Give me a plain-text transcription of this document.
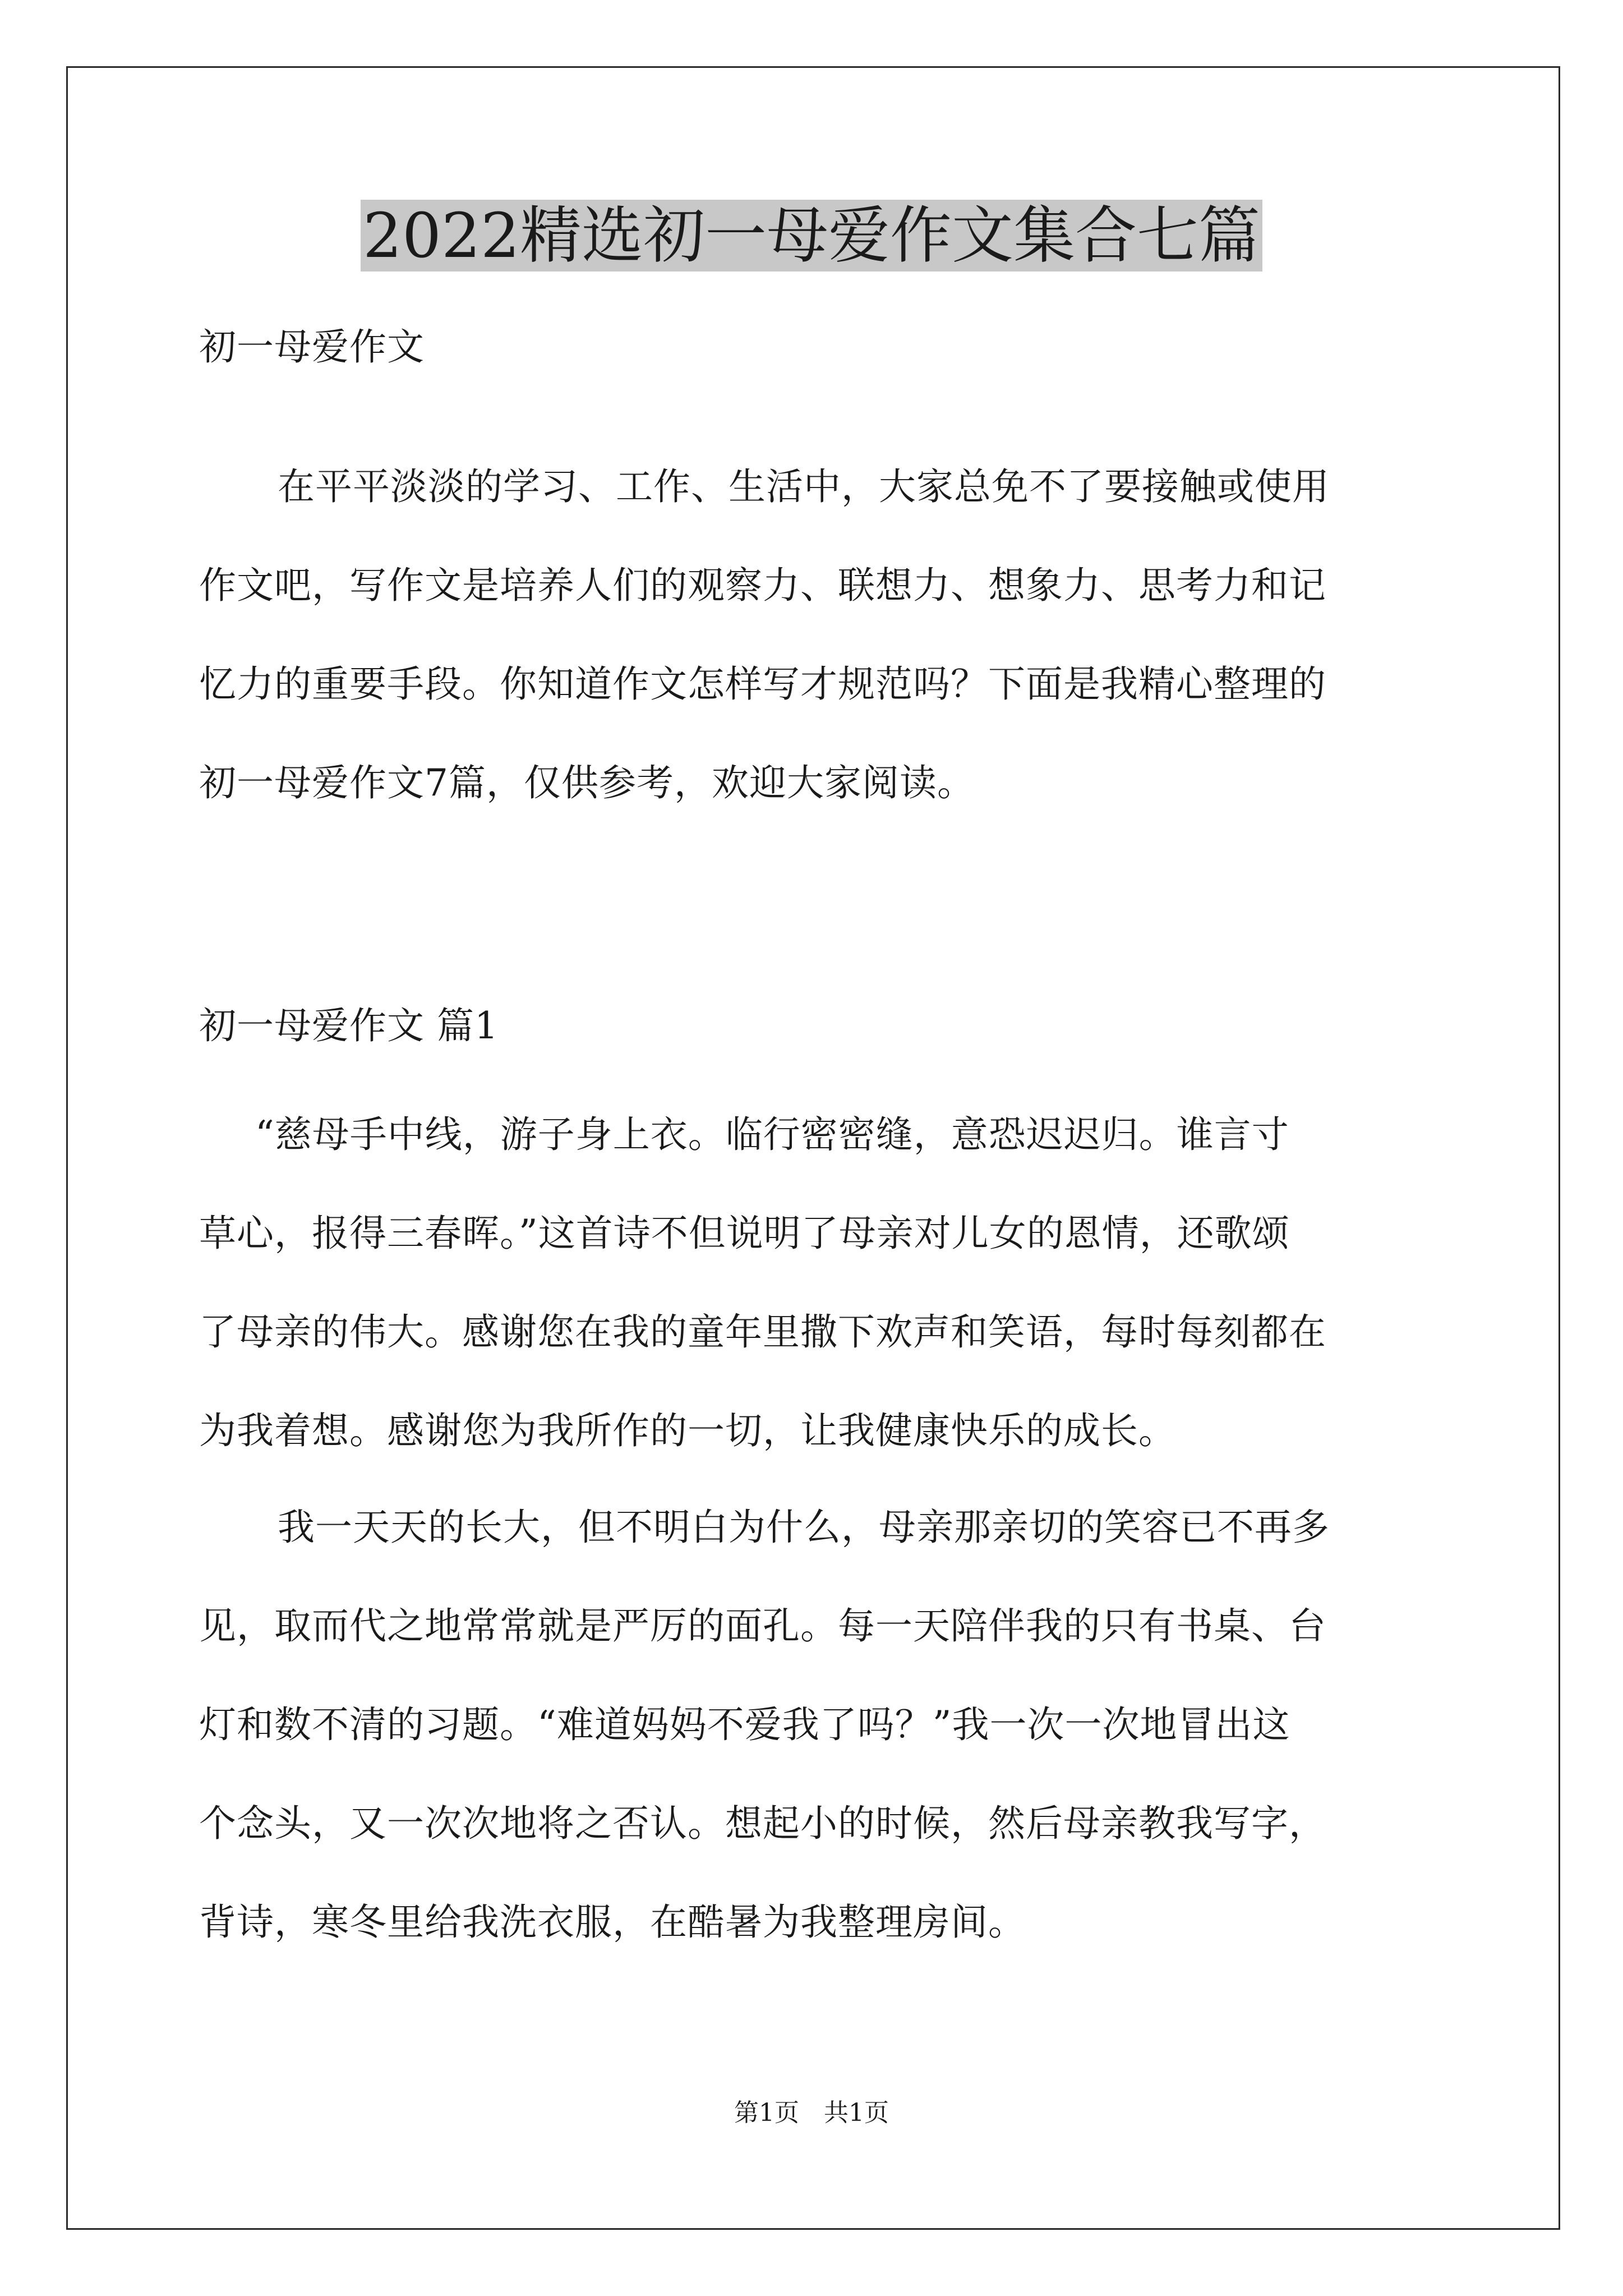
2022精选初一母爱作文集合七篇
初一母爱作文
在平平淡淡的学习、工作、生活中，大家总免不了要接触或使用
作文吧，写作文是培养人们的观察力、联想力、想象力、思考力和记
忆力的重要手段。你知道作文怎样写才规范吗？下面是我精心整理的
初一母爱作文7篇，仅供参考，欢迎大家阅读。
初一母爱作文 篇1
“慈母手中线，游子身上衣。临行密密缝，意恐迟迟归。谁言寸
草心，报得三春晖。”这首诗不但说明了母亲对儿女的恩情，还歌颂
了母亲的伟大。感谢您在我的童年里撒下欢声和笑语，每时每刻都在
为我着想。感谢您为我所作的一切，让我健康快乐的成长。
我一天天的长大，但不明白为什么，母亲那亲切的笑容已不再多
见，取而代之地常常就是严厉的面孔。每一天陪伴我的只有书桌、台
灯和数不清的习题。“难道妈妈不爱我了吗？”我一次一次地冒出这
个念头，又一次次地将之否认。想起小的时候，然后母亲教我写字，
背诗，寒冬里给我洗衣服，在酷暑为我整理房间。
第1页　共1页
